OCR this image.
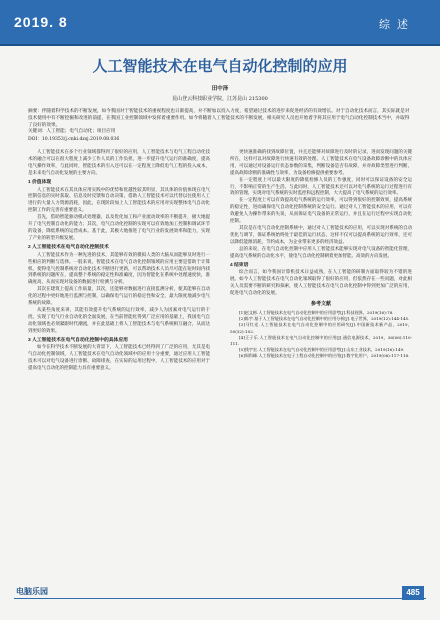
2019. 8	综 述
人工智能技术在电气自动化控制的应用
田中泽
昆山登云科技职业学院，江苏昆山 215300
摘要：伴随着科学技术的不断发展，如今我国对于智能技术的重视程度也日渐提高，并不断加以投入力度，希望通过技术的进步来促进经济的有效增长。对于自动化技术而言，其实际就是对技术使用中有不断挖掘和改进的前提，在我国工业控制领域中发挥着重要作用。如今将随着人工智能技术的不断发展，相关研究人员也开始着手将其应用于电气自动化控制技术当中，并取得了良好的效果。
关键词：人工智能；电气自动化；项目应用
DOI：10.19353/j.cnki.dzsj.2019.08.036

人工智能技术在多个行业领域都得到了很好的应用，人工智能技术与电气工程自动化技术的融合可以在很大程度上减少工作人员的工作负担，进一步提升电气运行的准确度，提高电气操作效率，与此同时，智能技术的引入还可以在一定程度上降低电气工程的投入成本，是未来电气自动化发展的主要方向。

1 价值体现

人工智能技术在其具体应用实践中的优势和优越性较其明显，其具体的价值体现在电气控制信息的实时获取、信息及时反馈和自动决策，借助人工智能技术可以代替以往使用人工进行的大量人力资源消耗，因此，在现阶段加上人工智能技术的应用对实现整体电气自动化控制工作的完善有重要意义。

首先，借助智能驱动模式处理器，以及优化加工和产业流动效率的不断提升，极大地提升了电气控制自动化的能力；其次，电气自动化控制的实现可以有效地加工控制和调试环节的设备，降低系统的运营成本。基于此，其极大地推进了电气行业的发展效率和能力，实现了产业的转型升级发展。

2 人工智能技术在电气自动化控制技术

人工智能技术作为一种先进的技术，其能够有效的模拟人类的大脑从而能够及时进行一些相应的判断与选择。一般来说，智能技术在电气自动化控制领域的应用主要是借助于计算机，使得电气控制系统对自动化技术不断进行更新，可以帮助技术人员尽可能在短时间内找到系统的问题所在，提高整个系统的稳定性和准确度，因为智能化在系统中处理速度快，准确度高，从而实现对设备的数据进行检测与分析。

其次在建筑上提高工作质量，其次，还能够对数据进行直接监测分析，使其能够在自动化的过程中更好地进行监测与控制，以确保电气运行的稳定性和安全，最大限度地减少电气系统的故障。

从某些角度来讲，其能有效提升电气系统的运行效率，减少人为因素对电气运行的干扰，实现了电气行业自动化的全面发展，在当前智能化得到广泛应用的基础上，我国电气自动化领域也必须紧跟时代潮流，并在此基础上将人工智能技术与电气系统相互融合，从而达到更好的效果。

3 人工智能技术在电气自动化控制中的具体应用

如今在科学技术不断发展的大背景下，人工智能技术已经得到了广泛的应用，尤其是电气自动化控制领域，人工智能技术在电气自动化领域中的应用十分重要，通过应用人工智能技术可以对电气设备进行诊断、故障排查，在实际的运用过程中，人工智能技术的应用对于提高电气自动化的控制能力具有重要意义。

更快速准确的找到故障位置，并且还能够对故障进行及时的记录，进而发现问题的关键所在，这样可以对故障进行快速有效的处理。人工智能技术在电气设备故障诊断中的具体应用，可以通过对设备运行状态参数的采集，判断设备是否有故障，并对故障类型进行判断，提高故障诊断的准确性与效率，为设备检修提供重要参考。

在一定程度上可以最大限度的降低检修人员的工作强度，同时可以保证设备的安全运行，不影响正常的生产生活。与此同时，人工智能技术还可以对电气系统的运行过程进行有效的管理，实现对电气系统的实时监控和远程控制，大大提高了电气系统的运行效率。

在一定程度上可以有效提高电气系统的运行效率，可以得到很好的控制效果，提高系统的稳定性，进而确保电气自动化控制系统的安全运行。通过对人工智能技术的应用，可以有效避免人为操作带来的失误，从而保证电气设备的正常运行，并且在运行过程中实现自动化控制。

其次是在电气自动化控制系统中，通过对人工智能技术的应用，可以实现对系统的自动优化与调节，保证系统始终处于最佳的运行状态，这样不仅可以提高系统的运行效率，还可以降低能源消耗，节约成本，为企业带来更多的经济效益。

总的来说，在电气自动化控制中应用人工智能技术能够实现对电气设备的智能化管理，提高电气系统的自动化水平，使电气自动化控制朝着更加智能、高效的方向发展。

4 结束语

综合而言，如今我国计算机技术日益成熟，在人工智能的研制方面取得较为不错的进展。如今人工智能技术在电气自动化领域取得了很好的应用，但依然存在一些问题，对此相关人员需要不断的研究和探索，使人工智能技术在电气自动化控制中得到更加广泛的应用，促进电气自动化的发展。

参考文献

[1]赵文彬.人工智能技术在电气自动化控制中的应用思考[J].科技视界，2019(16):78.

[2]陈宇.基于人工智能技术在电气自动化控制中的应用分析[J].电子世界，2019(12):144-145.

[3]马红光.人工智能技术在电气自动化控制中的应用研究[J].中国新技术新产品，2019，50(32):102.

[4]王子乐.人工智能技术在电气自动化控制中的应用[J].通信电源技术，2019，36(06):110-111.

[5]钱宇宏.人工智能技术在电气自动化控制中的应用思考[J].山东工业技术，2019(16):149.

[6]周科峰.人工智能技术在电子工程自动化控制中的应用[J].数字化用户，2019(06):117-118.

电脑乐园	485
